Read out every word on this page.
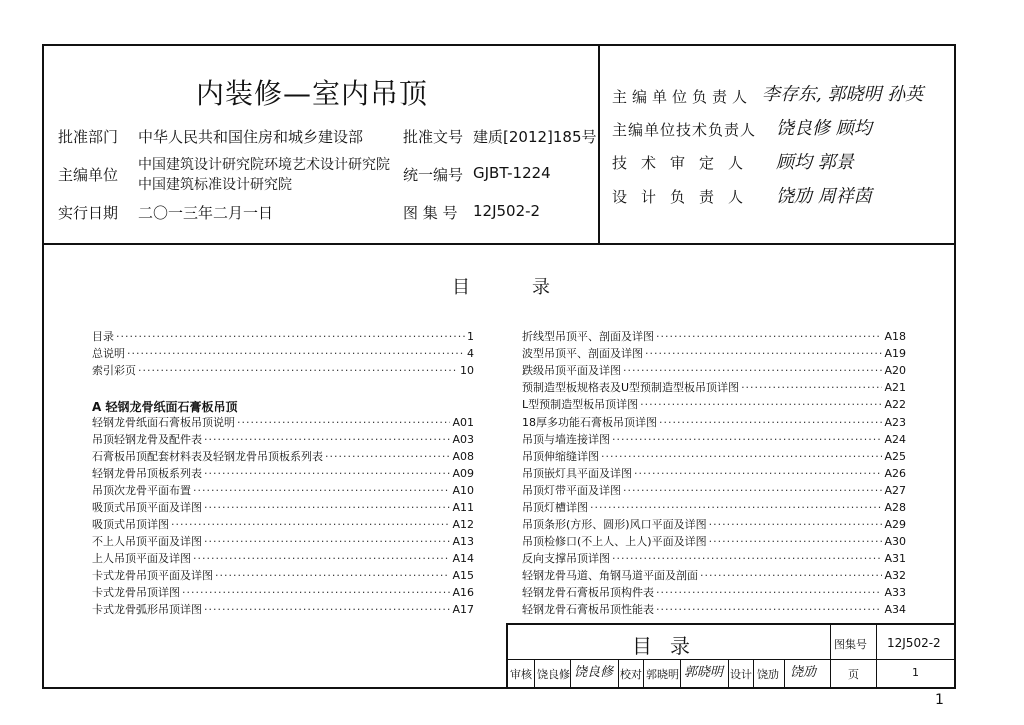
内装修—室内吊顶
批准部门 中华人民共和国住房和城乡建设部	批准文号 建质[2012]185号
主编单位
中国建筑设计研究院环境艺术设计研究院
中国建筑标准设计研究院
统一编号 GJBT-1224
实行日期 二〇一三年二月一日	图 集 号 12J502-2
主编单位负责人 李存东, 郭晓明 孙英
主编单位技术负责人 饶良修 顾均
技术审定人 顾均 郭景
设计负责人 饶劢 周祥茵
目　　　录
目录 ·····	1
总说明 ·····	4
索引彩页 ·····	10
A 轻钢龙骨纸面石膏板吊顶
轻钢龙骨纸面石膏板吊顶说明 ·····	A01
吊顶轻钢龙骨及配件表 ·····	A03
石膏板吊顶配套材料表及轻钢龙骨吊顶板系列表 ·····	A08
轻钢龙骨吊顶板系列表 ·····	A09
吊顶次龙骨平面布置 ·····	A10
吸顶式吊顶平面及详图 ·····	A11
吸顶式吊顶详图 ·····	A12
不上人吊顶平面及详图 ·····	A13
上人吊顶平面及详图 ·····	A14
卡式龙骨吊顶平面及详图 ·····	A15
卡式龙骨吊顶详图 ·····	A16
卡式龙骨弧形吊顶详图 ·····	A17
折线型吊顶平、剖面及详图 ·····	A18
波型吊顶平、剖面及详图 ·····	A19
跌级吊顶平面及详图 ·····	A20
预制造型板规格表及U型预制造型板吊顶详图 ·····	A21
L型预制造型板吊顶详图 ·····	A22
18厚多功能石膏板吊顶详图 ·····	A23
吊顶与墙连接详图 ·····	A24
吊顶伸缩缝详图 ·····	A25
吊顶嵌灯具平面及详图 ·····	A26
吊顶灯带平面及详图 ·····	A27
吊顶灯槽详图 ·····	A28
吊顶条形(方形、圆形)风口平面及详图 ·····	A29
吊顶检修口(不上人、上人)平面及详图 ·····	A30
反向支撑吊顶详图 ·····	A31
轻钢龙骨马道、角钢马道平面及剖面 ·····	A32
轻钢龙骨石膏板吊顶构件表 ·····	A33
轻钢龙骨石膏板吊顶性能表 ·····	A34
目录	图集号 12J502-2
审核 饶良修 饶良修 校对 郭晓明 郭晓明 设计 饶劢 饶劢	页	1
1
